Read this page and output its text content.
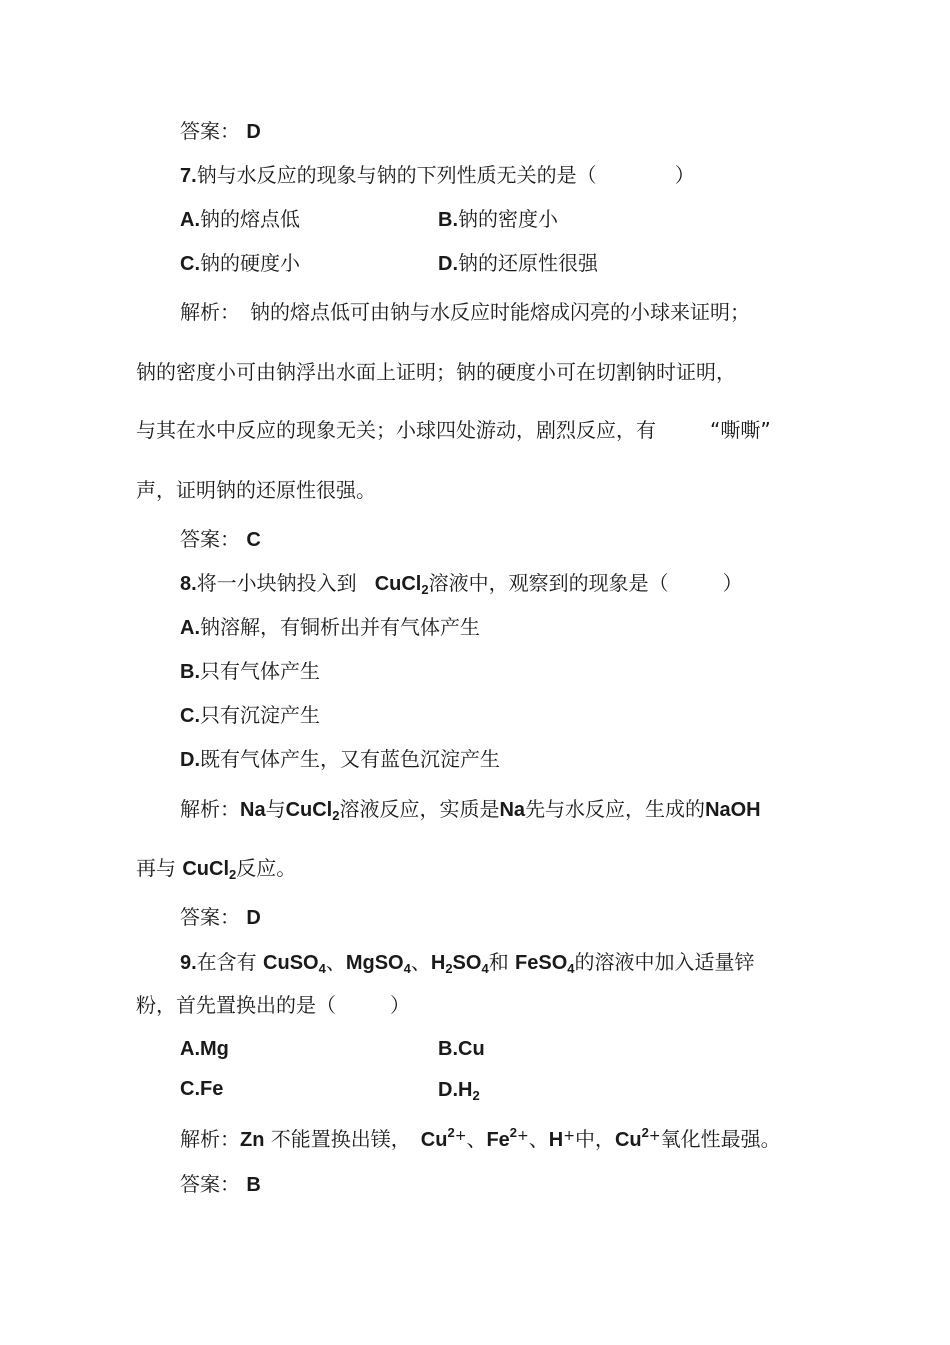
答案： D
7.钠与水反应的现象与钠的下列性质无关的是（	）
A.钠的熔点低	B.钠的密度小
C.钠的硬度小	D.钠的还原性很强
解析： 钠的熔点低可由钠与水反应时能熔成闪亮的小球来证明；
钠的密度小可由钠浮出水面上证明；钠的硬度小可在切割钠时证明，
与其在水中反应的现象无关；小球四处游动，剧烈反应，有	“嘶嘶”
声，证明钠的还原性很强。
答案： C
8.将一小块钠投入到 CuCl$_2$溶液中，观察到的现象是（	）
A.钠溶解，有铜析出并有气体产生
B.只有气体产生
C.只有沉淀产生
D.既有气体产生，又有蓝色沉淀产生
解析：Na与CuCl$_2$溶液反应，实质是Na先与水反应，生成的NaOH
再与 CuCl$_2$反应。
答案： D
9.在含有 CuSO$_4$、MgSO$_4$、$H_2SO_4$和 FeSO$_4$的溶液中加入适量锌
粉，首先置换出的是（	）
A.Mg	B.Cu
C.Fe	$D.H_2$
解析：Zn 不能置换出镁， $Cu^{2+}$、$Fe^{2+}$、H+中，$Cu^{2+}$氧化性最强。
答案： B
